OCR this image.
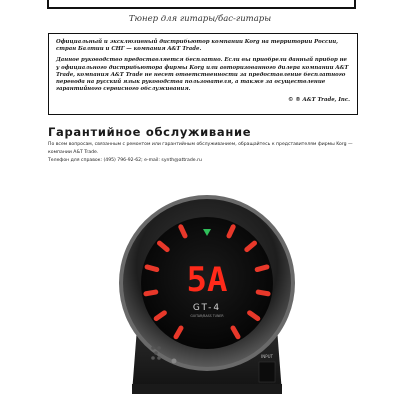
Тюнер для гитары/бас-гитары

Официальный и эксклюзивный дистрибьютор компании Korg на территории России, стран Балтии и СНГ — компания A&T Trade.

Данное руководство предоставляется бесплатно. Если вы приобрели данный прибор не у официального дистрибьютора фирмы Korg или авторизованного дилера компании A&T Trade, компания A&T Trade не несет ответственности за предоставление бесплатного перевода на русский язык руководства пользователя, а также за осуществление гарантийного сервисного обслуживания.

© ® A&T Trade, Inc.
Гарантийное обслуживание
По всем вопросам, связанным с ремонтом или гарантийным обслуживанием, обращайтесь к представителям фирмы Korg — компании A&T Trade.
Телефон для справок: (495) 796-92-62; e-mail: synth@attrade.ru
5A
GT-4
GUITAR/BASS TUNER
INPUT
